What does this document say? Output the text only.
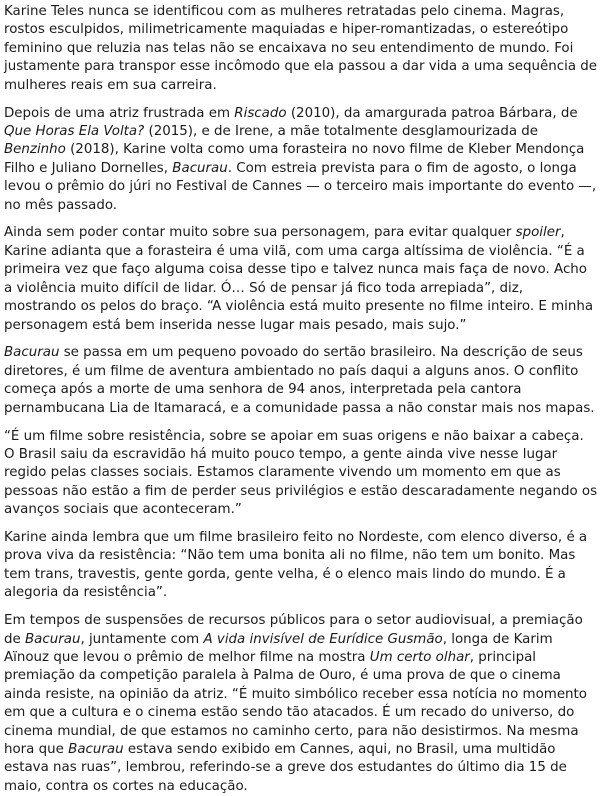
Karine Teles nunca se identificou com as mulheres retratadas pelo cinema. Magras, rostos esculpidos, milimetricamente maquiadas e hiper-romantizadas, o estereótipo feminino que reluzia nas telas não se encaixava no seu entendimento de mundo. Foi justamente para transpor esse incômodo que ela passou a dar vida a uma sequência de mulheres reais em sua carreira.

Depois de uma atriz frustrada em Riscado (2010), da amargurada patroa Bárbara, de Que Horas Ela Volta? (2015), e de Irene, a mãe totalmente desglamourizada de Benzinho (2018), Karine volta como uma forasteira no novo filme de Kleber Mendonça Filho e Juliano Dornelles, Bacurau. Com estreia prevista para o fim de agosto, o longa levou o prêmio do júri no Festival de Cannes — o terceiro mais importante do evento —, no mês passado.

Ainda sem poder contar muito sobre sua personagem, para evitar qualquer spoiler, Karine adianta que a forasteira é uma vilã, com uma carga altíssima de violência. “É a primeira vez que faço alguma coisa desse tipo e talvez nunca mais faça de novo. Acho a violência muito difícil de lidar. Ó… Só de pensar já fico toda arrepiada”, diz, mostrando os pelos do braço. “A violência está muito presente no filme inteiro. E minha personagem está bem inserida nesse lugar mais pesado, mais sujo.”

Bacurau se passa em um pequeno povoado do sertão brasileiro. Na descrição de seus diretores, é um filme de aventura ambientado no país daqui a alguns anos. O conflito começa após a morte de uma senhora de 94 anos, interpretada pela cantora pernambucana Lia de Itamaracá, e a comunidade passa a não constar mais nos mapas.

“É um filme sobre resistência, sobre se apoiar em suas origens e não baixar a cabeça. O Brasil saiu da escravidão há muito pouco tempo, a gente ainda vive nesse lugar regido pelas classes sociais. Estamos claramente vivendo um momento em que as pessoas não estão a fim de perder seus privilégios e estão descaradamente negando os avanços sociais que aconteceram.”

Karine ainda lembra que um filme brasileiro feito no Nordeste, com elenco diverso, é a prova viva da resistência: “Não tem uma bonita ali no filme, não tem um bonito. Mas tem trans, travestis, gente gorda, gente velha, é o elenco mais lindo do mundo. É a alegoria da resistência”.

Em tempos de suspensões de recursos públicos para o setor audiovisual, a premiação de Bacurau, juntamente com A vida invisível de Eurídice Gusmão, longa de Karim Aïnouz que levou o prêmio de melhor filme na mostra Um certo olhar, principal premiação da competição paralela à Palma de Ouro, é uma prova de que o cinema ainda resiste, na opinião da atriz. “É muito simbólico receber essa notícia no momento em que a cultura e o cinema estão sendo tão atacados. É um recado do universo, do cinema mundial, de que estamos no caminho certo, para não desistirmos. Na mesma hora que Bacurau estava sendo exibido em Cannes, aqui, no Brasil, uma multidão estava nas ruas”, lembrou, referindo-se a greve dos estudantes do último dia 15 de maio, contra os cortes na educação.
